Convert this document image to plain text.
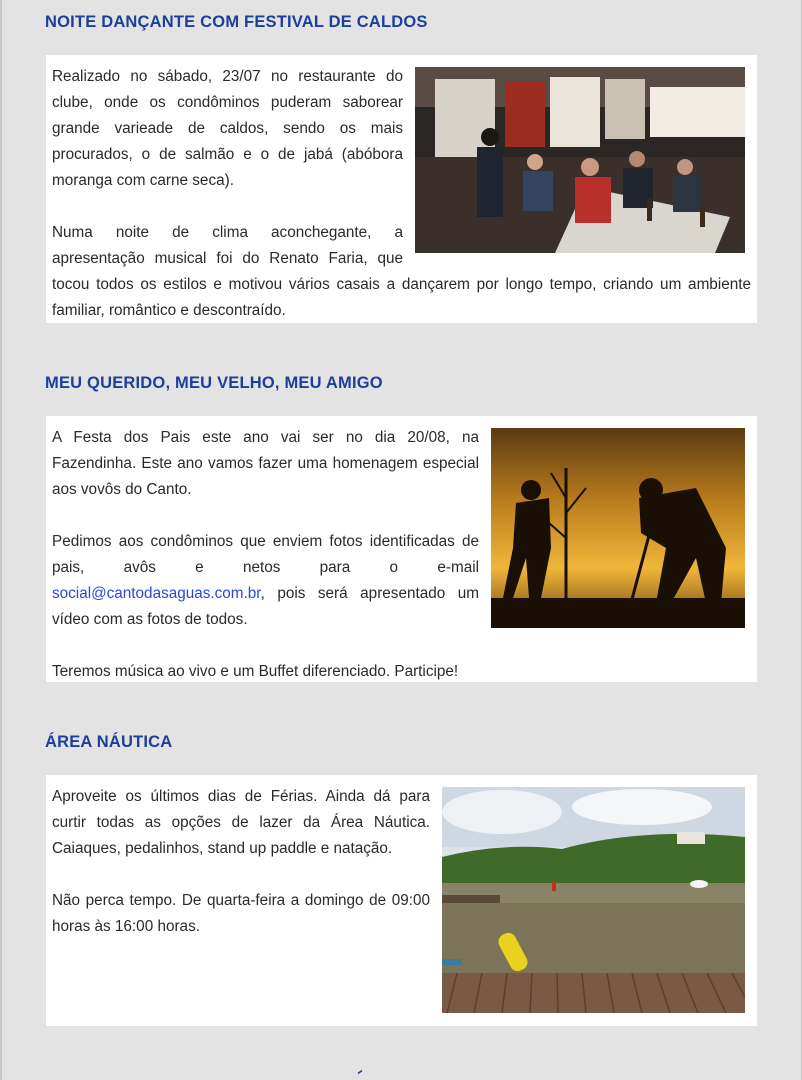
NOITE DANÇANTE COM FESTIVAL DE CALDOS

Realizado no sábado, 23/07 no restaurante do clube, onde os condôminos puderam saborear grande varieade de caldos, sendo os mais procurados, o de salmão e o de jabá (abóbora moranga com carne seca).

Numa noite de clima aconchegante, a apresentação musical foi do Renato Faria, que tocou todos os estilos e motivou vários casais a dançarem por longo tempo, criando um ambiente familiar, romântico e descontraído.

MEU QUERIDO, MEU VELHO, MEU AMIGO

A Festa dos Pais este ano vai ser no dia 20/08, na Fazendinha. Este ano vamos fazer uma homenagem especial aos vovôs do Canto.

Pedimos aos condôminos que enviem fotos identificadas de pais, avôs e netos para o e-mail social@cantodasaguas.com.br, pois será apresentado um vídeo com as fotos de todos.

Teremos música ao vivo e um Buffet diferenciado. Participe!

ÁREA NÁUTICA

Aproveite os últimos dias de Férias. Ainda dá para curtir todas as opções de lazer da Área Náutica. Caiaques, pedalinhos, stand up paddle e natação.

Não perca tempo. De quarta-feira a domingo de 09:00 horas às 16:00 horas.
